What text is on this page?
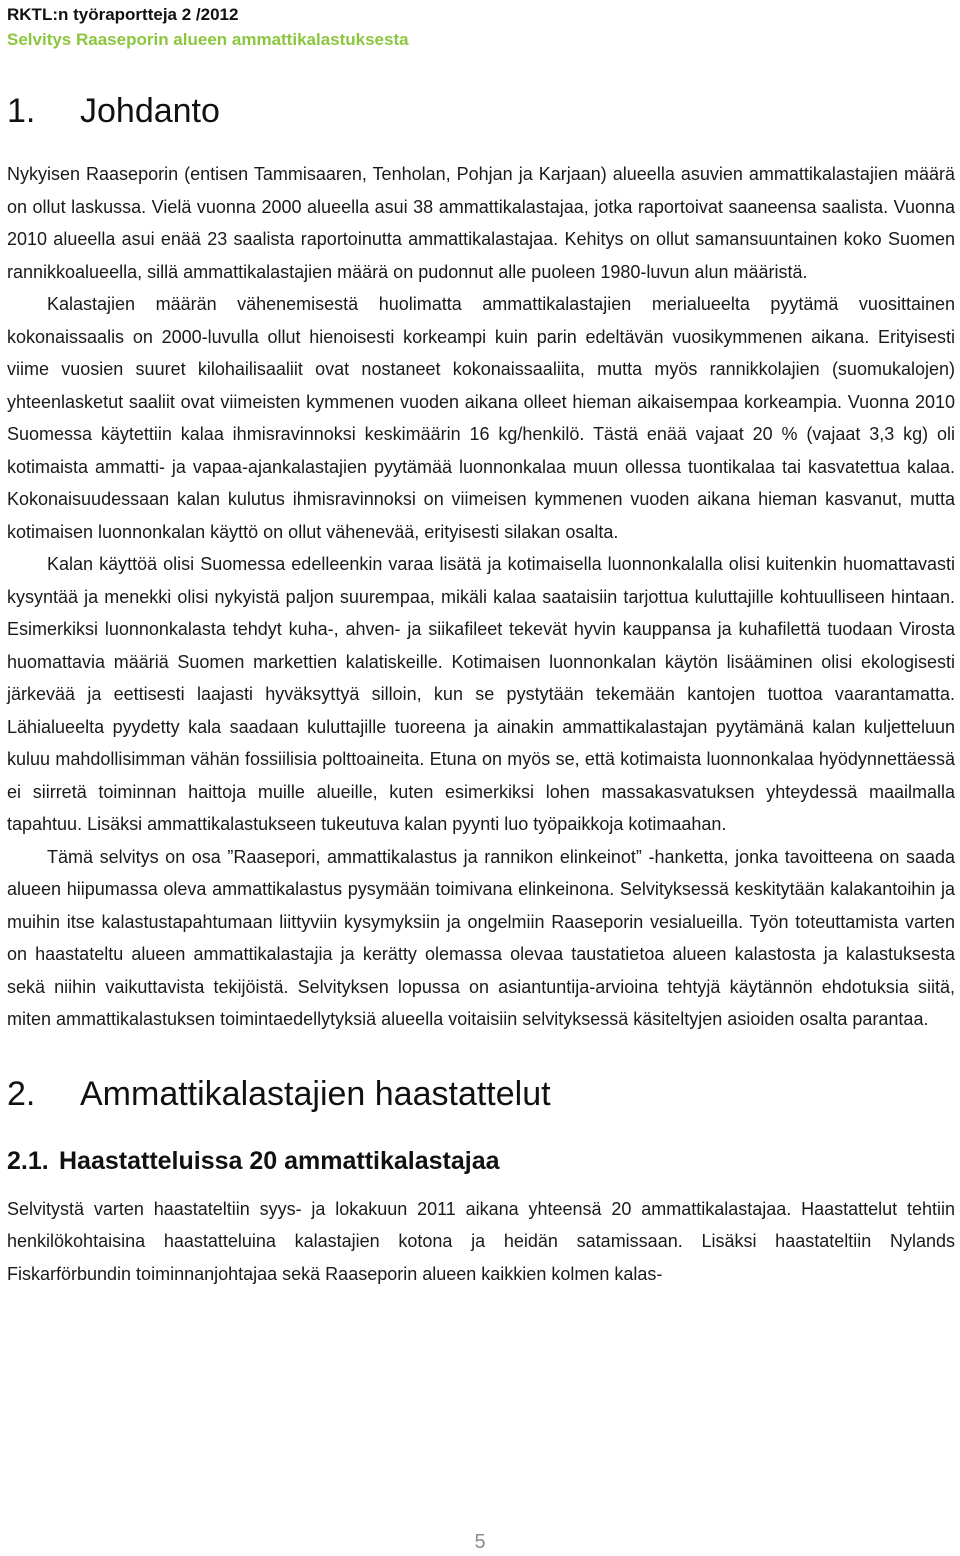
RKTL:n työraportteja 2 /2012
Selvitys Raaseporin alueen ammattikalastuksesta
1. Johdanto

Nykyisen Raaseporin (entisen Tammisaaren, Tenholan, Pohjan ja Karjaan) alueella asuvien ammattikalastajien määrä on ollut laskussa. Vielä vuonna 2000 alueella asui 38 ammattikalastajaa, jotka raportoivat saaneensa saalista. Vuonna 2010 alueella asui enää 23 saalista raportoinutta ammattikalastajaa. Kehitys on ollut samansuuntainen koko Suomen rannikkoalueella, sillä ammattikalastajien määrä on pudonnut alle puoleen 1980-luvun alun määristä.

Kalastajien määrän vähenemisestä huolimatta ammattikalastajien merialueelta pyytämä vuosittainen kokonaissaalis on 2000-luvulla ollut hienoisesti korkeampi kuin parin edeltävän vuosikymmenen aikana. Erityisesti viime vuosien suuret kilohailisaaliit ovat nostaneet kokonaissaaliita, mutta myös rannikkolajien (suomukalojen) yhteenlasketut saaliit ovat viimeisten kymmenen vuoden aikana olleet hieman aikaisempaa korkeampia. Vuonna 2010 Suomessa käytettiin kalaa ihmisravinnoksi keskimäärin 16 kg/henkilö. Tästä enää vajaat 20 % (vajaat 3,3 kg) oli kotimaista ammatti- ja vapaa-ajankalastajien pyytämää luonnonkalaa muun ollessa tuontikalaa tai kasvatettua kalaa. Kokonaisuudessaan kalan kulutus ihmisravinnoksi on viimeisen kymmenen vuoden aikana hieman kasvanut, mutta kotimaisen luonnonkalan käyttö on ollut vähenevää, erityisesti silakan osalta.

Kalan käyttöä olisi Suomessa edelleenkin varaa lisätä ja kotimaisella luonnonkalalla olisi kuitenkin huomattavasti kysyntää ja menekki olisi nykyistä paljon suurempaa, mikäli kalaa saataisiin tarjottua kuluttajille kohtuulliseen hintaan. Esimerkiksi luonnonkalasta tehdyt kuha-, ahven- ja siikafileet tekevät hyvin kauppansa ja kuhafilettä tuodaan Virosta huomattavia määriä Suomen markettien kalatiskeille. Kotimaisen luonnonkalan käytön lisääminen olisi ekologisesti järkevää ja eettisesti laajasti hyväksyttyä silloin, kun se pystytään tekemään kantojen tuottoa vaarantamatta. Lähialueelta pyydetty kala saadaan kuluttajille tuoreena ja ainakin ammattikalastajan pyytämänä kalan kuljetteluun kuluu mahdollisimman vähän fossiilisia polttoaineita. Etuna on myös se, että kotimaista luonnonkalaa hyödynnettäessä ei siirretä toiminnan haittoja muille alueille, kuten esimerkiksi lohen massakasvatuksen yhteydessä maailmalla tapahtuu. Lisäksi ammattikalastukseen tukeutuva kalan pyynti luo työpaikkoja kotimaahan.

Tämä selvitys on osa ”Raasepori, ammattikalastus ja rannikon elinkeinot” -hanketta, jonka tavoitteena on saada alueen hiipumassa oleva ammattikalastus pysymään toimivana elinkeinona. Selvityksessä keskitytään kalakantoihin ja muihin itse kalastustapahtumaan liittyviin kysymyksiin ja ongelmiin Raaseporin vesialueilla. Työn toteuttamista varten on haastateltu alueen ammattikalastajia ja kerätty olemassa olevaa taustatietoa alueen kalastosta ja kalastuksesta sekä niihin vaikuttavista tekijöistä. Selvityksen lopussa on asiantuntija-arvioina tehtyjä käytännön ehdotuksia siitä, miten ammattikalastuksen toimintaedellytyksiä alueella voitaisiin selvityksessä käsiteltyjen asioiden osalta parantaa.

2. Ammattikalastajien haastattelut
2.1. Haastatteluissa 20 ammattikalastajaa

Selvitystä varten haastateltiin syys- ja lokakuun 2011 aikana yhteensä 20 ammattikalastajaa. Haastattelut tehtiin henkilökohtaisina haastatteluina kalastajien kotona ja heidän satamissaan. Lisäksi haastateltiin Nylands Fiskarförbundin toiminnanjohtajaa sekä Raaseporin alueen kaikkien kolmen kalas-

5
